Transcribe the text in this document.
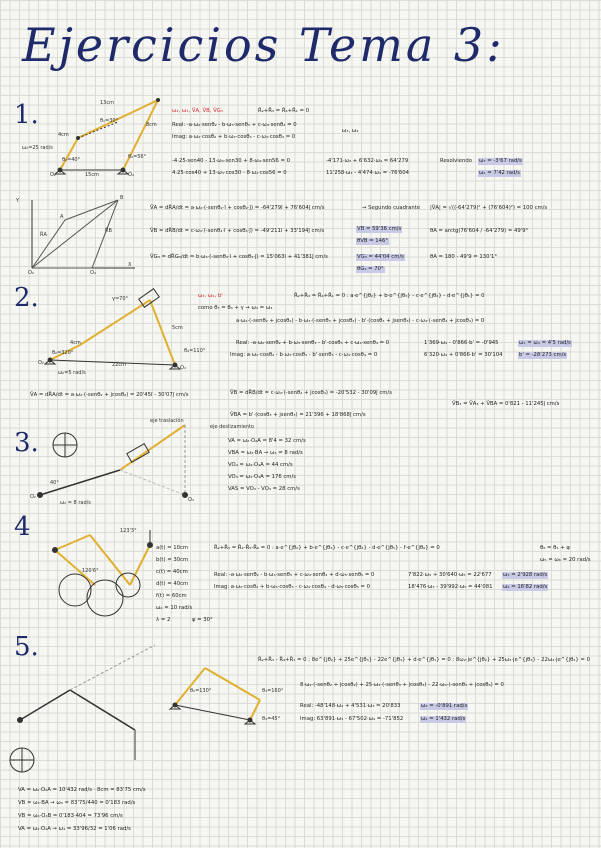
Ejercicios Tema 3:
1.
2.
3.
4
5.
13cm
8cm
4cm
15cm
ω₂=25 rad/s
θ₁=30°
θ₂=40°	θ₄=56°
O₂	O₄
Y
X
A
B
O₂	O₄
R̄A
R̄B
ω₂, ω₃, V̄A, V̄B, V̄G₃	R̄₂+R̄₃ = R̄₄+R̄₁ = 0
Real: -a·ω₂·senθ₂ - b·ω₃·senθ₃ + c·ω₄·senθ₄ = 0
Imag: a·ω₂·cosθ₂ + b·ω₃·cosθ₃ - c·ω₄·cosθ₄ = 0
ω₃, ω₄
-4·25·sen40 - 13·ω₃·sen30 + 8·ω₄·sen56 = 0
4·25·cos40 + 13·ω₃·cos30 - 8·ω₄·cos56 = 0
-4'171·ω₃ + 6'632·ω₄ = 64'279
11'258·ω₃ - 4'474·ω₄ = -76'604
Resolviendo ω₃ = -3'67 rad/s
ω₄ = 7'42 rad/s
V̄A = dR̄A/dt = a·ω₂·(-senθ₂·ī + cosθ₂·j̄) = -64'279ī + 76'604j̄ cm/s	→ Segundo cuadrante |V̄A| = √((-64'279)² + (76'604)²) = 100 cm/s
θA = arctg(76'604 / -64'279) = 49'9°
θA = 180 - 49'9 = 130'1°
V̄B = dR̄B/dt = c·ω₄·(-senθ₄·ī + cosθ₄·j̄) = -49'211ī + 33'194j̄ cm/s	VB = 59'36 cm/s
θVB = 146°
V̄G₃ = dR̄G₃/dt = b·ω₃·(-senθ₃·ī + cosθ₃·j̄) = 15'063ī + 41'381j̄ cm/s	VG₃ = 44'04 cm/s
θG₃ = 70°
γ=70°
5cm
22cm
4cm
θ₂=320°	θ₄=110°
ω₂=5 rad/s
O₂
O₄
ω₃, ω₄, b'	R̄₂+R̄₃ = R̄₄+R̄₁ = 0 : a·e^{jθ₂} + b·e^{jθ₃} - c·e^{jθ₄} - d·e^{jθ₁} = 0
como θ₃ = θ₄ + γ → ω₃ = ω₄
a·ω₂·(-senθ₂ + jcosθ₂) - b·ω₃·(-senθ₃ + jcosθ₃) - b'·(cosθ₃ + jsenθ₃) - c·ω₄·(-senθ₄ + jcosθ₄) = 0
Real: -a·ω₂·senθ₂ + b·ω₃·senθ₃ - b'·cosθ₃ + c·ω₄·senθ₄ = 0
Imag: a·ω₂·cosθ₂ - b·ω₃·cosθ₃ - b'·senθ₃ - c·ω₄·cosθ₄ = 0
1'369·ω₄ - 0'866·b' = -0'945
6'320·ω₄ + 0'866·b' = 30'104
ω₃ = ω₄ = 4'5 rad/s
b' = -28'273 cm/s
V̄A = dR̄A/dt = a·ω₂·(-senθ₂ + jcosθ₂) = 20'45ī - 30'07j̄ cm/s	V̄B = dR̄B/dt = c·ω₄·(-senθ₄ + jcosθ₄) = -20'532 - 30'09j̄ cm/s
V̄BA = b'·(cosθ₃ + jsenθ₃) = 21'396 + 18'868j̄ cm/s
V̄B₃ = V̄A₃ + V̄BA = 0'821 - 11'245j̄ cm/s
eje traslación
eje deslizamiento
ω₂ = 8 rad/s
40°
O₂	O₄
VA = ω₂·O₂A = 8'4 = 32 cm/s
VBA = ω₃·BA → ω₃ = 8 rad/s
VO₄ = ω₄·O₄A = 44 cm/s
VO₃ = ω₃·O₃A = 176 cm/s
VAS = VO₄ - VO₃ = 28 cm/s
123'3°
120'6°
a(t) = 10cm
b(t) = 30cm
c(t) = 40cm
d(t) = 40cm
f(t) = 60cm
ω₂ = 10 rad/s
λ = 2	φ = 30°
R̄₂+R̄₃ = R̄₄-R̄₅-R̄₆ = 0 : a·e^{jθ₂} + b·e^{jθ₃} - c·e^{jθ₄} - d·e^{jθ₅} - f·e^{jθ₆} = 0	θ₆ = θ₅ + φ
ω₅ = ω₆ = 20 rad/s
Real: -a·ω₂·senθ₂ - b·ω₃·senθ₃ + c·ω₄·senθ₄ + d·ω₅·senθ₅ = 0
Imag: a·ω₂·cosθ₂ + b·ω₃·cosθ₃ - c·ω₄·cosθ₄ - d·ω₅·cosθ₅ = 0
7'822·ω₃ + 30'640·ω₅ = 22'677
18'476·ω₃ - 39'992·ω₅ = 44'081
ω₃ = 2'928 rad/s
ω₄ = 16'82 rad/s
R̄₂+R̄₃ - R̄₄+R̄₁ = 0 ; 8e^{jθ₂} + 25e^{jθ₃} - 22e^{jθ₄} + d·e^{jθ₁} = 0 ; 8ω₂·je^{jθ₂} + 25ω₃·je^{jθ₃} - 22ω₄·je^{jθ₄} = 0
8·ω₂·(-senθ₂ + jcosθ₂) + 25·ω₃·(-senθ₃ + jcosθ₃) - 22·ω₄·(-senθ₄ + jcosθ₄) = 0
Real: -48'148·ω₂ + 4'531·ω₃ = 20'833
Imag: 63'891·ω₃ - 67'502·ω₄ = -71'852
ω₃ = -0'891 rad/s
ω₄ = 1'432 rad/s
θ₂=130°	θ₃=160°
θ₄=45°
VA = ω₂·O₂A = 10'432 rad/s · 8cm = 83'75 cm/s
VB = ω₃·BA → ω₃ = 83'75/440 = 0'183 rad/s
VB = ω₄·O₄B = 0'183·404 = 73'96 cm/s
VA = ω₄·O₄A → ω₄ = 33'96/32 = 1'06 rad/s
